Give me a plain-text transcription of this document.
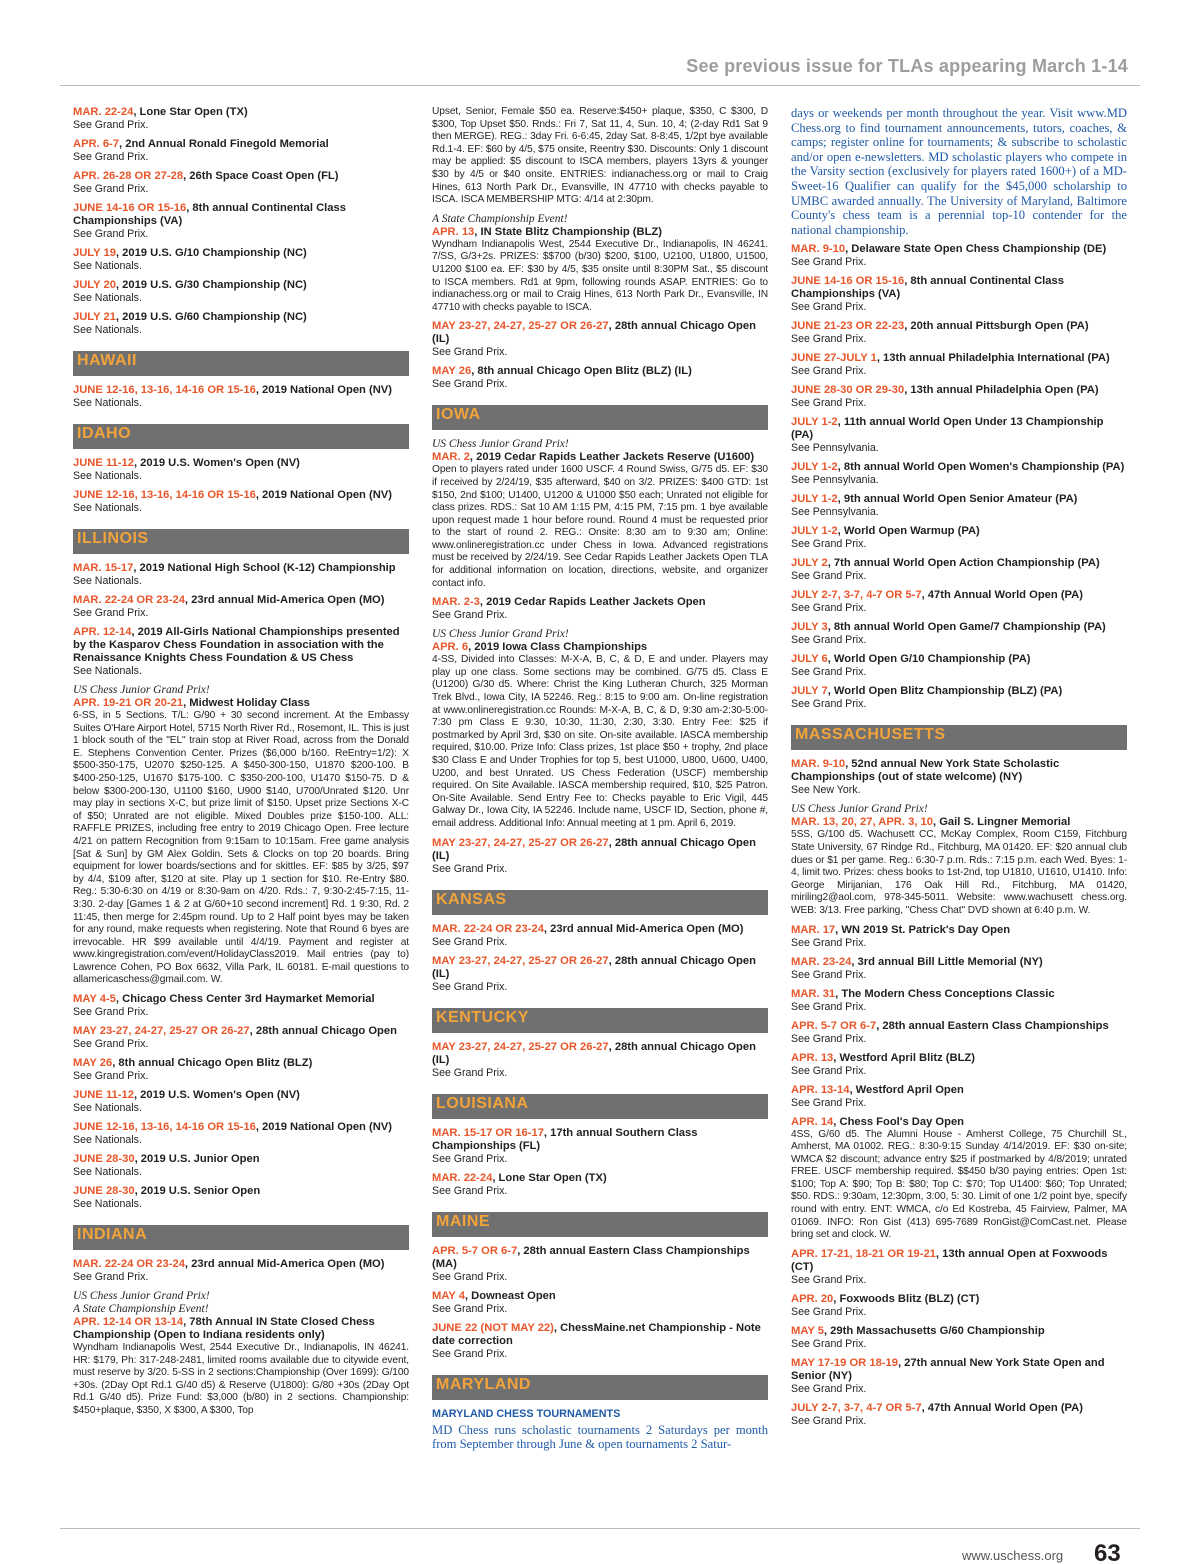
See previous issue for TLAs appearing March 1-14
MAR. 22-24, Lone Star Open (TX)
See Grand Prix.
APR. 6-7, 2nd Annual Ronald Finegold Memorial
See Grand Prix.
APR. 26-28 OR 27-28, 26th Space Coast Open (FL)
See Grand Prix.
JUNE 14-16 OR 15-16, 8th annual Continental Class Championships (VA)
See Grand Prix.
JULY 19, 2019 U.S. G/10 Championship (NC)
See Nationals.
JULY 20, 2019 U.S. G/30 Championship (NC)
See Nationals.
JULY 21, 2019 U.S. G/60 Championship (NC)
See Nationals.
HAWAII
JUNE 12-16, 13-16, 14-16 OR 15-16, 2019 National Open (NV)
See Nationals.
IDAHO
JUNE 11-12, 2019 U.S. Women's Open (NV)
See Nationals.
JUNE 12-16, 13-16, 14-16 OR 15-16, 2019 National Open (NV)
See Nationals.
ILLINOIS
MAR. 15-17, 2019 National High School (K-12) Championship
See Nationals.
MAR. 22-24 OR 23-24, 23rd annual Mid-America Open (MO)
See Grand Prix.
APR. 12-14, 2019 All-Girls National Championships presented by the Kasparov Chess Foundation in association with the Renaissance Knights Chess Foundation & US Chess
See Nationals.
US Chess Junior Grand Prix!
APR. 19-21 OR 20-21, Midwest Holiday Class
6-SS, in 5 Sections. T/L: G/90 + 30 second increment. At the Embassy Suites O'Hare Airport Hotel, 5715 North River Rd., Rosemont, IL. This is just 1 block south of the "EL" train stop at River Road, across from the Donald E. Stephens Convention Center. Prizes ($6,000 b/160. ReEntry=1/2): X $500-350-175, U2070 $250-125. A $450-300-150, U1870 $200-100. B $400-250-125, U1670 $175-100. C $350-200-100, U1470 $150-75. D & below $300-200-130, U1100 $160, U900 $140, U700/Unrated $120. Unr may play in sections X-C, but prize limit of $150. Upset prize Sections X-C of $50; Unrated are not eligible. Mixed Doubles prize $150-100. ALL: RAFFLE PRIZES, including free entry to 2019 Chicago Open. Free lecture 4/21 on pattern Recognition from 9:15am to 10:15am. Free game analysis [Sat & Sun] by GM Alex Goldin. Sets & Clocks on top 20 boards. Bring equipment for lower boards/sections and for skittles. EF: $85 by 3/25, $97 by 4/4, $109 after, $120 at site. Play up 1 section for $10. Re-Entry $80. Reg.: 5:30-6:30 on 4/19 or 8:30-9am on 4/20. Rds.: 7, 9:30-2:45-7:15, 11- 3:30. 2-day [Games 1 & 2 at G/60+10 second increment] Rd. 1 9:30, Rd. 2 11:45, then merge for 2:45pm round. Up to 2 Half point byes may be taken for any round, make requests when registering. Note that Round 6 byes are irrevocable. HR $99 available until 4/4/19. Payment and register at www.kingregistration.com/event/HolidayClass2019. Mail entries (pay to) Lawrence Cohen, PO Box 6632, Villa Park, IL 60181. E-mail questions to allamericaschess@gmail.com. W.
MAY 4-5, Chicago Chess Center 3rd Haymarket Memorial
See Grand Prix.
MAY 23-27, 24-27, 25-27 OR 26-27, 28th annual Chicago Open
See Grand Prix.
MAY 26, 8th annual Chicago Open Blitz (BLZ)
See Grand Prix.
JUNE 11-12, 2019 U.S. Women's Open (NV)
See Nationals.
JUNE 12-16, 13-16, 14-16 OR 15-16, 2019 National Open (NV)
See Nationals.
JUNE 28-30, 2019 U.S. Junior Open
See Nationals.
JUNE 28-30, 2019 U.S. Senior Open
See Nationals.
INDIANA
MAR. 22-24 OR 23-24, 23rd annual Mid-America Open (MO)
See Grand Prix.
US Chess Junior Grand Prix!
A State Championship Event!
APR. 12-14 OR 13-14, 78th Annual IN State Closed Chess Championship (Open to Indiana residents only)
Wyndham Indianapolis West, 2544 Executive Dr., Indianapolis, IN 46241. HR: $179, Ph: 317-248-2481, limited rooms available due to citywide event, must reserve by 3/20. 5-SS in 2 sections:Championship (Over 1699): G/100 +30s. (2Day Opt Rd.1 G/40 d5) & Reserve (U1800): G/80 +30s (2Day Opt Rd.1 G/40 d5). Prize Fund: $3,000 (b/80) in 2 sections. Championship: $450+plaque, $350, X $300, A $300, Top
Upset, Senior, Female $50 ea. Reserve:$450+ plaque, $350, C $300, D $300, Top Upset $50. Rnds.: Fri 7, Sat 11, 4, Sun. 10, 4; (2-day Rd1 Sat 9 then MERGE). REG.: 3day Fri. 6-6:45, 2day Sat. 8-8:45, 1/2pt bye available Rd.1-4. EF: $60 by 4/5, $75 onsite, Reentry $30. Discounts: Only 1 discount may be applied: $5 discount to ISCA members, players 13yrs & younger $30 by 4/5 or $40 onsite. ENTRIES: indianachess.org or mail to Craig Hines, 613 North Park Dr., Evansville, IN 47710 with checks payable to ISCA. ISCA MEMBERSHIP MTG: 4/14 at 2:30pm.
A State Championship Event!
APR. 13, IN State Blitz Championship (BLZ)
Wyndham Indianapolis West, 2544 Executive Dr., Indianapolis, IN 46241. 7/SS, G/3+2s. PRIZES: $$700 (b/30) $200, $100, U2100, U1800, U1500, U1200 $100 ea. EF: $30 by 4/5, $35 onsite until 8:30PM Sat., $5 discount to ISCA members. Rd1 at 9pm, following rounds ASAP. ENTRIES: Go to indianachess.org or mail to Craig Hines, 613 North Park Dr., Evansville, IN 47710 with checks payable to ISCA.
MAY 23-27, 24-27, 25-27 OR 26-27, 28th annual Chicago Open (IL)
See Grand Prix.
MAY 26, 8th annual Chicago Open Blitz (BLZ) (IL)
See Grand Prix.
IOWA
US Chess Junior Grand Prix!
MAR. 2, 2019 Cedar Rapids Leather Jackets Reserve (U1600)
Open to players rated under 1600 USCF. 4 Round Swiss, G/75 d5. EF: $30 if received by 2/24/19, $35 afterward, $40 on 3/2. PRIZES: $400 GTD: 1st $150, 2nd $100; U1400, U1200 & U1000 $50 each; Unrated not eligible for class prizes. RDS.: Sat 10 AM 1:15 PM, 4:15 PM, 7:15 pm. 1 bye available upon request made 1 hour before round. Round 4 must be requested prior to the start of round 2. REG.: Onsite: 8:30 am to 9:30 am; Online: www.onlineregistration.cc under Chess in Iowa. Advanced registrations must be received by 2/24/19. See Cedar Rapids Leather Jackets Open TLA for additional information on location, directions, website, and organizer contact info.
MAR. 2-3, 2019 Cedar Rapids Leather Jackets Open
See Grand Prix.
US Chess Junior Grand Prix!
APR. 6, 2019 Iowa Class Championships
4-SS, Divided into Classes: M-X-A, B, C, & D, E and under. Players may play up one class. Some sections may be combined. G/75 d5. Class E (U1200) G/30 d5. Where: Christ the King Lutheran Church, 325 Morman Trek Blvd., Iowa City, IA 52246. Reg.: 8:15 to 9:00 am. On-line registration at www.onlineregistration.cc Rounds: M-X-A, B, C, & D, 9:30 am-2:30-5:00-7:30 pm Class E 9:30, 10:30, 11:30, 2:30, 3:30. Entry Fee: $25 if postmarked by April 3rd, $30 on site. On-site available. IASCA membership required, $10.00. Prize Info: Class prizes, 1st place $50 + trophy, 2nd place $30 Class E and Under Trophies for top 5, best U1000, U800, U600, U400, U200, and best Unrated. US Chess Federation (USCF) membership required. On Site Available. IASCA membership required, $10, $25 Patron. On-Site Available. Send Entry Fee to: Checks payable to Eric Vigil, 445 Galway Dr., Iowa City, IA 52246. Include name, USCF ID, Section, phone #, email address. Additional Info: Annual meeting at 1 pm. April 6, 2019.
MAY 23-27, 24-27, 25-27 OR 26-27, 28th annual Chicago Open (IL)
See Grand Prix.
KANSAS
MAR. 22-24 OR 23-24, 23rd annual Mid-America Open (MO)
See Grand Prix.
MAY 23-27, 24-27, 25-27 OR 26-27, 28th annual Chicago Open (IL)
See Grand Prix.
KENTUCKY
MAY 23-27, 24-27, 25-27 OR 26-27, 28th annual Chicago Open (IL)
See Grand Prix.
LOUISIANA
MAR. 15-17 OR 16-17, 17th annual Southern Class Championships (FL)
See Grand Prix.
MAR. 22-24, Lone Star Open (TX)
See Grand Prix.
MAINE
APR. 5-7 OR 6-7, 28th annual Eastern Class Championships (MA)
See Grand Prix.
MAY 4, Downeast Open
See Grand Prix.
JUNE 22 (NOT MAY 22), ChessMaine.net Championship - Note date correction
See Grand Prix.
MARYLAND
MARYLAND CHESS TOURNAMENTS
MD Chess runs scholastic tournaments 2 Saturdays per month from September through June & open tournaments 2 Satur-
days or weekends per month throughout the year. Visit www.MD Chess.org to find tournament announcements, tutors, coaches, & camps; register online for tournaments; & subscribe to scholastic and/or open e-newsletters. MD scholastic players who compete in the Varsity section (exclusively for players rated 1600+) of a MD-Sweet-16 Qualifier can qualify for the $45,000 scholarship to UMBC awarded annually. The University of Maryland, Baltimore County's chess team is a perennial top-10 contender for the national championship.
MAR. 9-10, Delaware State Open Chess Championship (DE)
See Grand Prix.
JUNE 14-16 OR 15-16, 8th annual Continental Class Championships (VA)
See Grand Prix.
JUNE 21-23 OR 22-23, 20th annual Pittsburgh Open (PA)
See Grand Prix.
JUNE 27-JULY 1, 13th annual Philadelphia International (PA)
See Grand Prix.
JUNE 28-30 OR 29-30, 13th annual Philadelphia Open (PA)
See Grand Prix.
JULY 1-2, 11th annual World Open Under 13 Championship (PA)
See Pennsylvania.
JULY 1-2, 8th annual World Open Women's Championship (PA)
See Pennsylvania.
JULY 1-2, 9th annual World Open Senior Amateur (PA)
See Pennsylvania.
JULY 1-2, World Open Warmup (PA)
See Grand Prix.
JULY 2, 7th annual World Open Action Championship (PA)
See Grand Prix.
JULY 2-7, 3-7, 4-7 OR 5-7, 47th Annual World Open (PA)
See Grand Prix.
JULY 3, 8th annual World Open Game/7 Championship (PA)
See Grand Prix.
JULY 6, World Open G/10 Championship (PA)
See Grand Prix.
JULY 7, World Open Blitz Championship (BLZ) (PA)
See Grand Prix.
MASSACHUSETTS
MAR. 9-10, 52nd annual New York State Scholastic Championships (out of state welcome) (NY)
See New York.
US Chess Junior Grand Prix!
MAR. 13, 20, 27, APR. 3, 10, Gail S. Lingner Memorial
5SS, G/100 d5. Wachusett CC, McKay Complex, Room C159, Fitchburg State University, 67 Rindge Rd., Fitchburg, MA 01420. EF: $20 annual club dues or $1 per game. Reg.: 6:30-7 p.m. Rds.: 7:15 p.m. each Wed. Byes: 1-4, limit two. Prizes: chess books to 1st-2nd, top U1810, U1610, U1410. Info: George Mirijanian, 176 Oak Hill Rd., Fitchburg, MA 01420, miriling2@aol.com, 978-345-5011. Website: www.wachusett chess.org. WEB: 3/13. Free parking, "Chess Chat" DVD shown at 6:40 p.m. W.
MAR. 17, WN 2019 St. Patrick's Day Open
See Grand Prix.
MAR. 23-24, 3rd annual Bill Little Memorial (NY)
See Grand Prix.
MAR. 31, The Modern Chess Conceptions Classic
See Grand Prix.
APR. 5-7 OR 6-7, 28th annual Eastern Class Championships
See Grand Prix.
APR. 13, Westford April Blitz (BLZ)
See Grand Prix.
APR. 13-14, Westford April Open
See Grand Prix.
APR. 14, Chess Fool's Day Open
4SS, G/60 d5. The Alumni House - Amherst College, 75 Churchill St., Amherst, MA 01002. REG.: 8:30-9:15 Sunday 4/14/2019. EF: $30 on-site; WMCA $2 discount; advance entry $25 if postmarked by 4/8/2019; unrated FREE. USCF membership required. $$450 b/30 paying entries: Open 1st: $100; Top A: $90; Top B: $80; Top C: $70; Top U1400: $60; Top Unrated; $50. RDS.: 9:30am, 12:30pm, 3:00, 5: 30. Limit of one 1/2 point bye, specify round with entry. ENT: WMCA, c/o Ed Kostreba, 45 Fairview, Palmer, MA 01069. INFO: Ron Gist (413) 695-7689 RonGist@ComCast.net. Please bring set and clock. W.
APR. 17-21, 18-21 OR 19-21, 13th annual Open at Foxwoods (CT)
See Grand Prix.
APR. 20, Foxwoods Blitz (BLZ) (CT)
See Grand Prix.
MAY 5, 29th Massachusetts G/60 Championship
See Grand Prix.
MAY 17-19 OR 18-19, 27th annual New York State Open and Senior (NY)
See Grand Prix.
JULY 2-7, 3-7, 4-7 OR 5-7, 47th Annual World Open (PA)
See Grand Prix.
www.uschess.org 63
